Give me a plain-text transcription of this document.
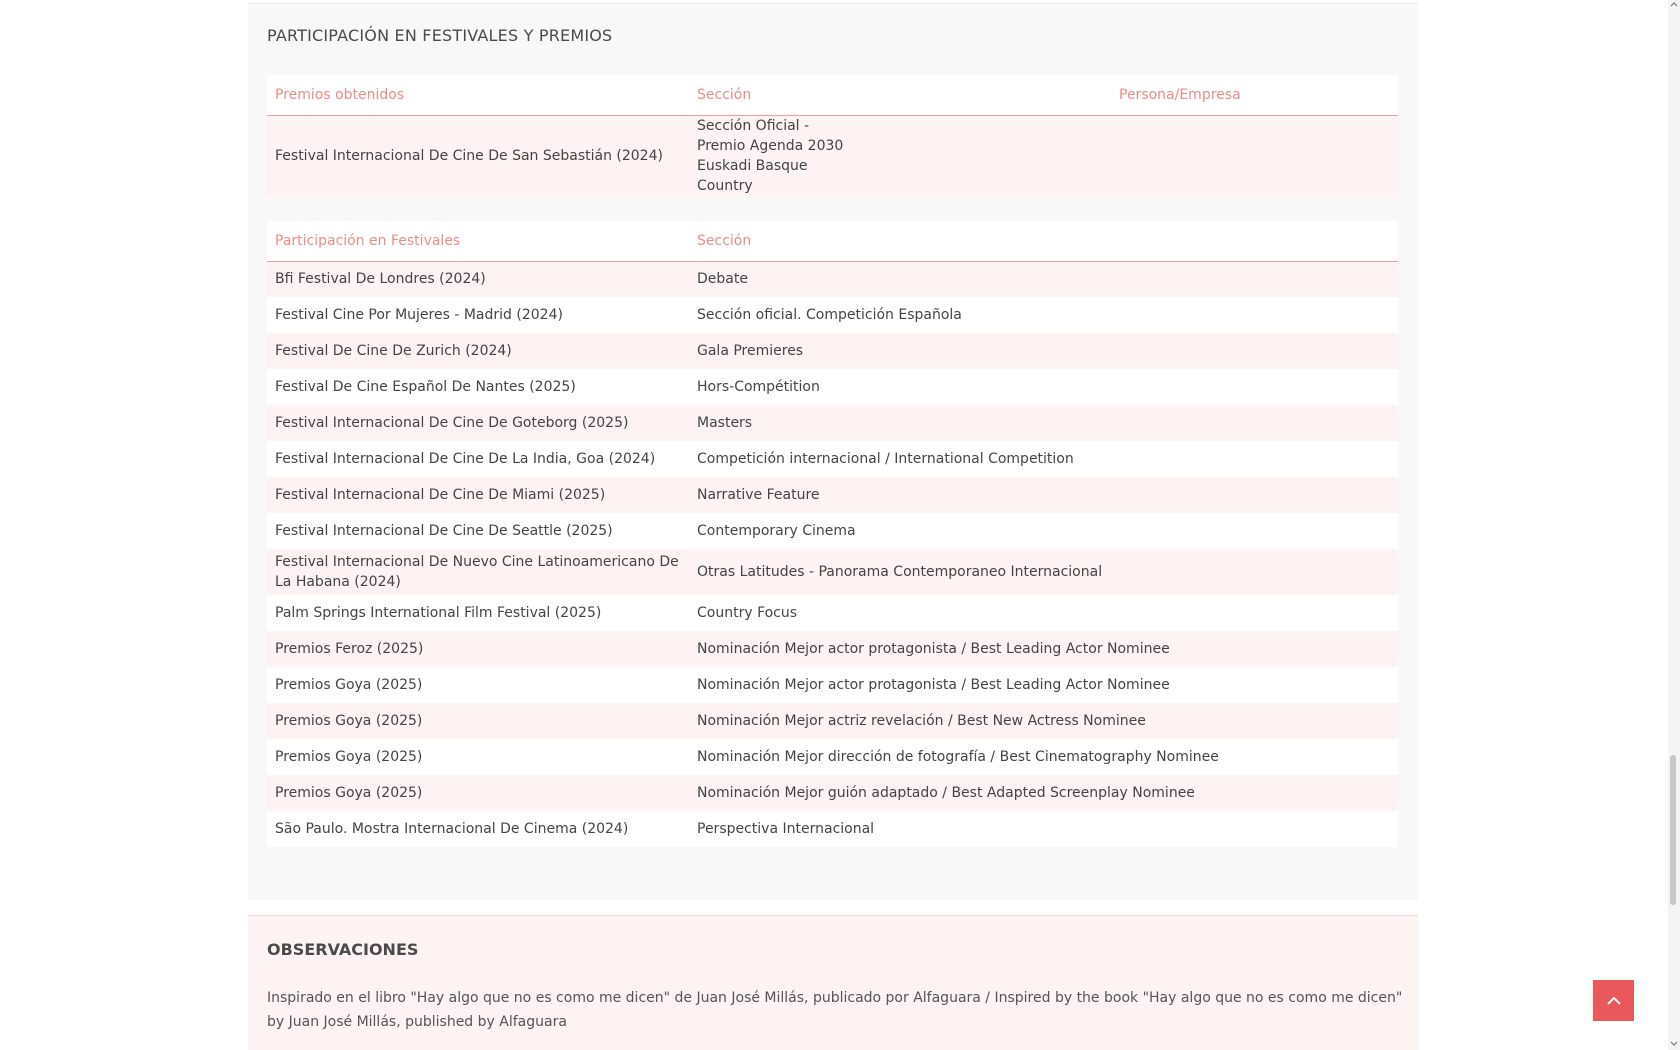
PARTICIPACIÓN EN FESTIVALES Y PREMIOS
Premios obtenidos	Sección	Persona/Empresa
Festival Internacional De Cine De San Sebastián (2024)	Sección Oficial - Premio Agenda 2030 Euskadi Basque Country	
Participación en Festivales	Sección
Bfi Festival De Londres (2024)	Debate
Festival Cine Por Mujeres - Madrid (2024)	Sección oficial. Competición Española
Festival De Cine De Zurich (2024)	Gala Premieres
Festival De Cine Español De Nantes (2025)	Hors-Compétition
Festival Internacional De Cine De Goteborg (2025)	Masters
Festival Internacional De Cine De La India, Goa (2024)	Competición internacional / International Competition
Festival Internacional De Cine De Miami (2025)	Narrative Feature
Festival Internacional De Cine De Seattle (2025)	Contemporary Cinema
Festival Internacional De Nuevo Cine Latinoamericano De La Habana (2024)	Otras Latitudes - Panorama Contemporaneo Internacional
Palm Springs International Film Festival (2025)	Country Focus
Premios Feroz (2025)	Nominación Mejor actor protagonista / Best Leading Actor Nominee
Premios Goya (2025)	Nominación Mejor actor protagonista / Best Leading Actor Nominee
Premios Goya (2025)	Nominación Mejor actriz revelación / Best New Actress Nominee
Premios Goya (2025)	Nominación Mejor dirección de fotografía / Best Cinematography Nominee
Premios Goya (2025)	Nominación Mejor guión adaptado / Best Adapted Screenplay Nominee
São Paulo. Mostra Internacional De Cinema (2024)	Perspectiva Internacional
OBSERVACIONES

Inspirado en el libro "Hay algo que no es como me dicen" de Juan José Millás, publicado por Alfaguara / Inspired by the book "Hay algo que no es como me dicen" by Juan José Millás, published by Alfaguara
